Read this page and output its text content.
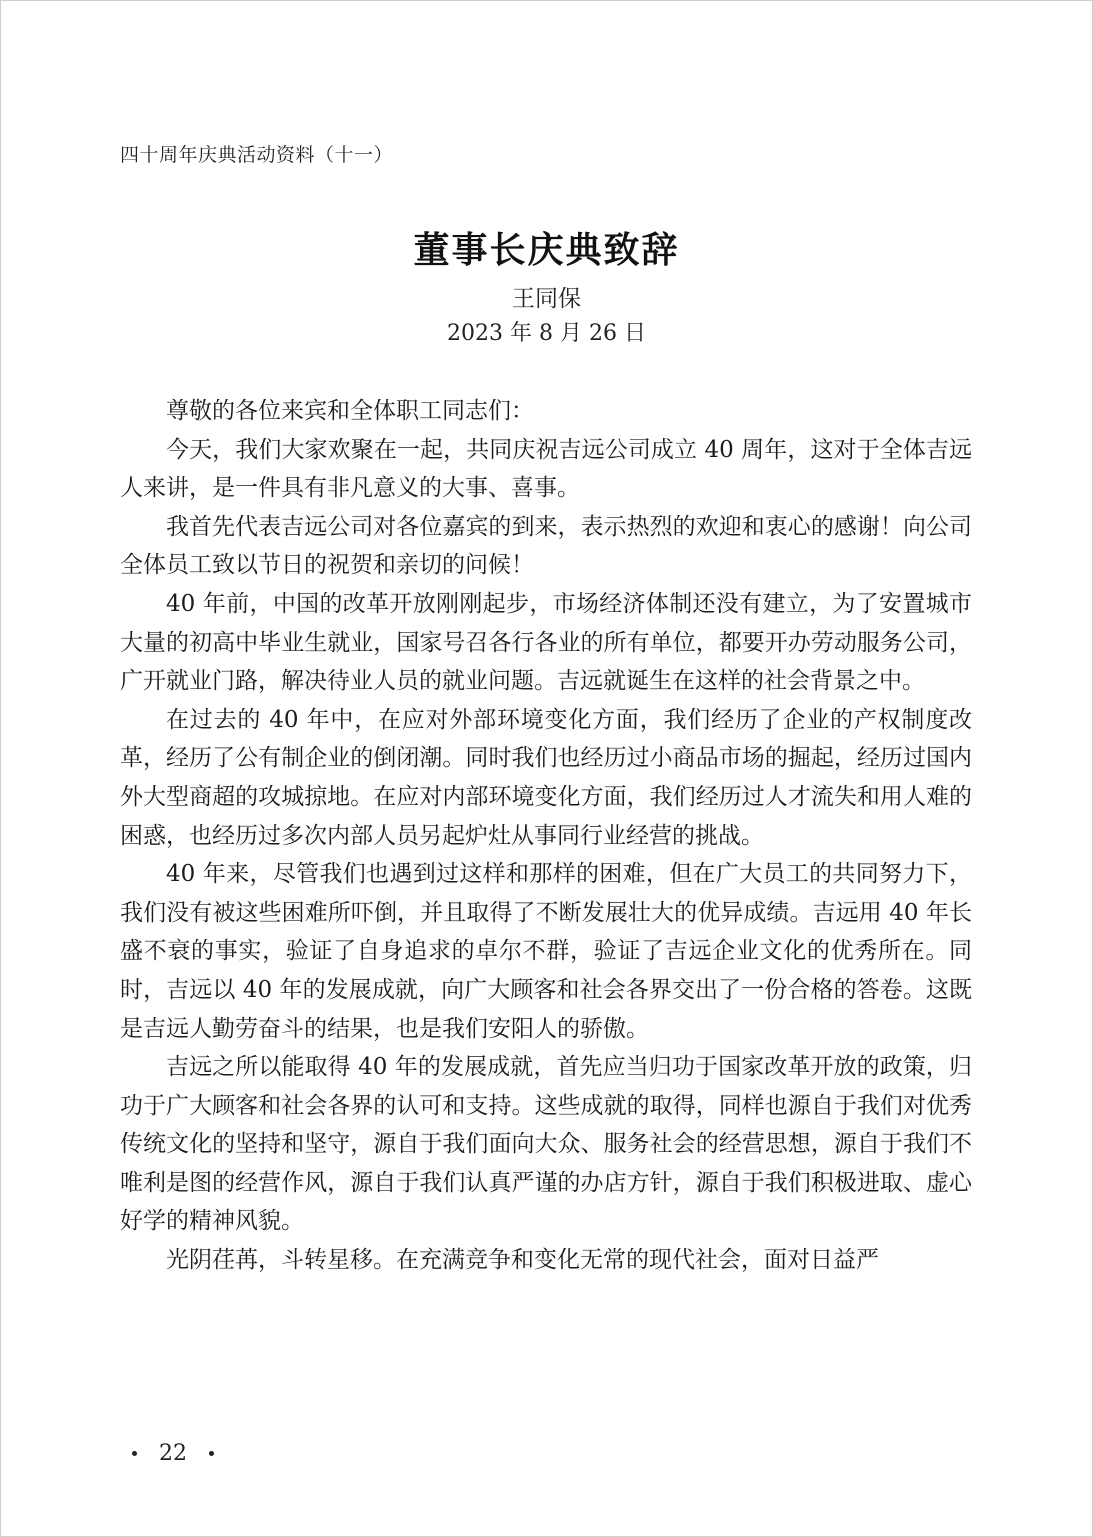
四十周年庆典活动资料（十一）
董事长庆典致辞
王同保
2023 年 8 月 26 日

尊敬的各位来宾和全体职工同志们：

今天，我们大家欢聚在一起，共同庆祝吉远公司成立 40 周年，这对于全体吉远人来讲，是一件具有非凡意义的大事、喜事。

我首先代表吉远公司对各位嘉宾的到来，表示热烈的欢迎和衷心的感谢！向公司全体员工致以节日的祝贺和亲切的问候！

40 年前，中国的改革开放刚刚起步，市场经济体制还没有建立，为了安置城市大量的初高中毕业生就业，国家号召各行各业的所有单位，都要开办劳动服务公司，广开就业门路，解决待业人员的就业问题。吉远就诞生在这样的社会背景之中。

在过去的 40 年中，在应对外部环境变化方面，我们经历了企业的产权制度改革，经历了公有制企业的倒闭潮。同时我们也经历过小商品市场的掘起，经历过国内外大型商超的攻城掠地。在应对内部环境变化方面，我们经历过人才流失和用人难的困惑，也经历过多次内部人员另起炉灶从事同行业经营的挑战。

40 年来，尽管我们也遇到过这样和那样的困难，但在广大员工的共同努力下，我们没有被这些困难所吓倒，并且取得了不断发展壮大的优异成绩。吉远用 40 年长盛不衰的事实，验证了自身追求的卓尔不群，验证了吉远企业文化的优秀所在。同时，吉远以 40 年的发展成就，向广大顾客和社会各界交出了一份合格的答卷。这既是吉远人勤劳奋斗的结果，也是我们安阳人的骄傲。

吉远之所以能取得 40 年的发展成就，首先应当归功于国家改革开放的政策，归功于广大顾客和社会各界的认可和支持。这些成就的取得，同样也源自于我们对优秀传统文化的坚持和坚守，源自于我们面向大众、服务社会的经营思想，源自于我们不唯利是图的经营作风，源自于我们认真严谨的办店方针，源自于我们积极进取、虚心好学的精神风貌。

光阴荏苒，斗转星移。在充满竞争和变化无常的现代社会，面对日益严

22
